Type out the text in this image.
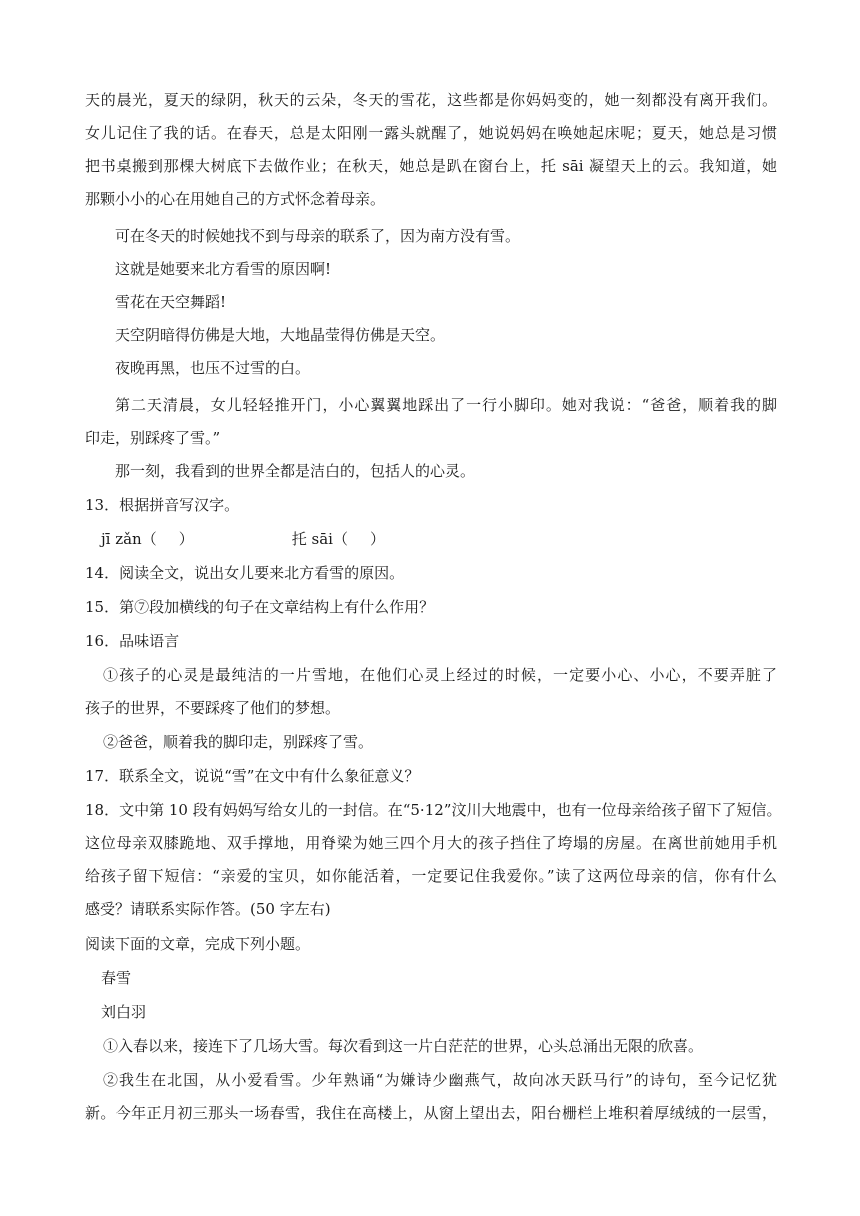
天的晨光，夏天的绿阴，秋天的云朵，冬天的雪花，这些都是你妈妈变的，她一刻都没有离开我们。
女儿记住了我的话。在春天，总是太阳刚一露头就醒了，她说妈妈在唤她起床呢；夏天，她总是习惯
把书桌搬到那棵大树底下去做作业；在秋天，她总是趴在窗台上，托 sāi 凝望天上的云。我知道，她
那颗小小的心在用她自己的方式怀念着母亲。
可在冬天的时候她找不到与母亲的联系了，因为南方没有雪。
这就是她要来北方看雪的原因啊!
雪花在天空舞蹈!
天空阴暗得仿佛是大地，大地晶莹得仿佛是天空。
夜晚再黑，也压不过雪的白。
第二天清晨，女儿轻轻推开门，小心翼翼地踩出了一行小脚印。她对我说：“爸爸，顺着我的脚
印走，别踩疼了雪。”
那一刻，我看到的世界全都是洁白的，包括人的心灵。
13．根据拼音写汉字。
jī zǎn（ ）	托 sāi（ ）
14．阅读全文，说出女儿要来北方看雪的原因。
15．第⑦段加横线的句子在文章结构上有什么作用？
16．品味语言
①孩子的心灵是最纯洁的一片雪地，在他们心灵上经过的时候，一定要小心、小心，不要弄脏了
孩子的世界，不要踩疼了他们的梦想。
②爸爸，顺着我的脚印走，别踩疼了雪。
17．联系全文，说说“雪”在文中有什么象征意义？
18．文中第 10 段有妈妈写给女儿的一封信。在“5·12”汶川大地震中，也有一位母亲给孩子留下了短信。
这位母亲双膝跪地、双手撑地，用脊梁为她三四个月大的孩子挡住了垮塌的房屋。在离世前她用手机
给孩子留下短信：“亲爱的宝贝，如你能活着，一定要记住我爱你。”读了这两位母亲的信，你有什么
感受？请联系实际作答。(50 字左右)
阅读下面的文章，完成下列小题。
春雪
刘白羽
①入春以来，接连下了几场大雪。每次看到这一片白茫茫的世界，心头总涌出无限的欣喜。
②我生在北国，从小爱看雪。少年熟诵“为嫌诗少幽燕气，故向冰天跃马行”的诗句，至今记忆犹
新。今年正月初三那头一场春雪，我住在高楼上，从窗上望出去，阳台栅栏上堆积着厚绒绒的一层雪，
